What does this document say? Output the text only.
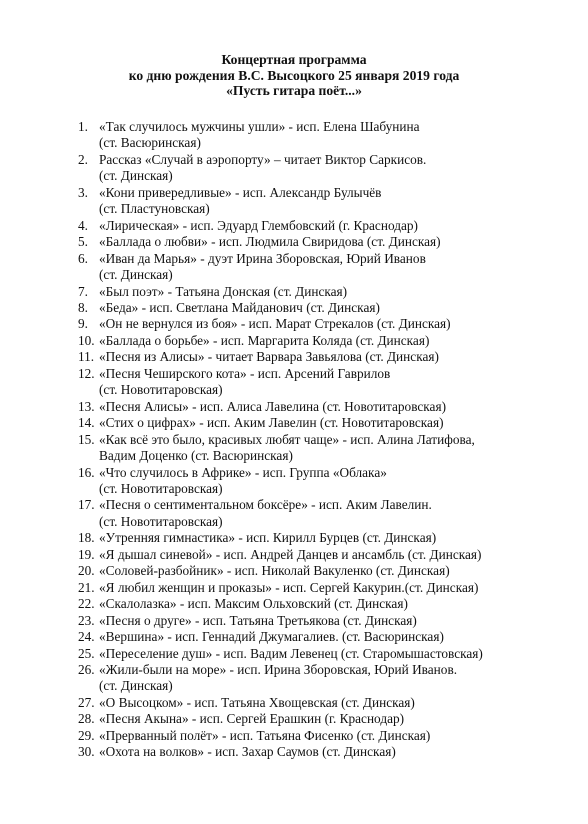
Концертная программа
ко дню рождения В.С. Высоцкого 25 января 2019 года
«Пусть гитара поёт...»
1. «Так случилось мужчины ушли» - исп. Елена Шабунина
(ст. Васюринская)
2. Рассказ «Случай в аэропорту» – читает Виктор Саркисов.
(ст. Динская)
3. «Кони привередливые» - исп. Александр Булычёв
(ст. Пластуновская)
4. «Лирическая» - исп. Эдуард Глембовский (г. Краснодар)
5. «Баллада о любви» - исп. Людмила Свиридова (ст. Динская)
6. «Иван да Марья» - дуэт Ирина Зборовская, Юрий Иванов
(ст. Динская)
7. «Был поэт» - Татьяна Донская (ст. Динская)
8. «Беда» - исп. Светлана Майданович (ст. Динская)
9. «Он не вернулся из боя» - исп. Марат Стрекалов (ст. Динская)
10. «Баллада о борьбе» - исп. Маргарита Коляда (ст. Динская)
11. «Песня из Алисы» - читает Варвара Завьялова (ст. Динская)
12. «Песня Чеширского кота» - исп. Арсений Гаврилов
(ст. Новотитаровская)
13. «Песня Алисы» - исп. Алиса Лавелина (ст. Новотитаровская)
14. «Стих о цифрах» - исп. Аким Лавелин (ст. Новотитаровская)
15. «Как всё это было, красивых любят чаще» - исп. Алина Латифова,
Вадим Доценко (ст. Васюринская)
16. «Что случилось в Африке» - исп. Группа «Облака»
(ст. Новотитаровская)
17. «Песня о сентиментальном боксёре» - исп. Аким Лавелин.
(ст. Новотитаровская)
18. «Утренняя гимнастика» - исп. Кирилл Бурцев (ст. Динская)
19. «Я дышал синевой» - исп. Андрей Данцев и ансамбль (ст. Динская)
20. «Соловей-разбойник» - исп. Николай Вакуленко (ст. Динская)
21. «Я любил женщин и проказы» - исп. Сергей Какурин.(ст. Динская)
22. «Скалолазка» - исп. Максим Ольховский (ст. Динская)
23. «Песня о друге» - исп. Татьяна Третьякова (ст. Динская)
24. «Вершина» - исп. Геннадий Джумагалиев. (ст. Васюринская)
25. «Переселение душ» - исп. Вадим Левенец (ст. Старомышастовская)
26. «Жили-были на море» - исп. Ирина Зборовская, Юрий Иванов.
(ст. Динская)
27. «О Высоцком» - исп. Татьяна Хвощевская (ст. Динская)
28. «Песня Акына» - исп. Сергей Ерашкин (г. Краснодар)
29. «Прерванный полёт» - исп. Татьяна Фисенко (ст. Динская)
30. «Охота на волков» - исп. Захар Саумов (ст. Динская)
